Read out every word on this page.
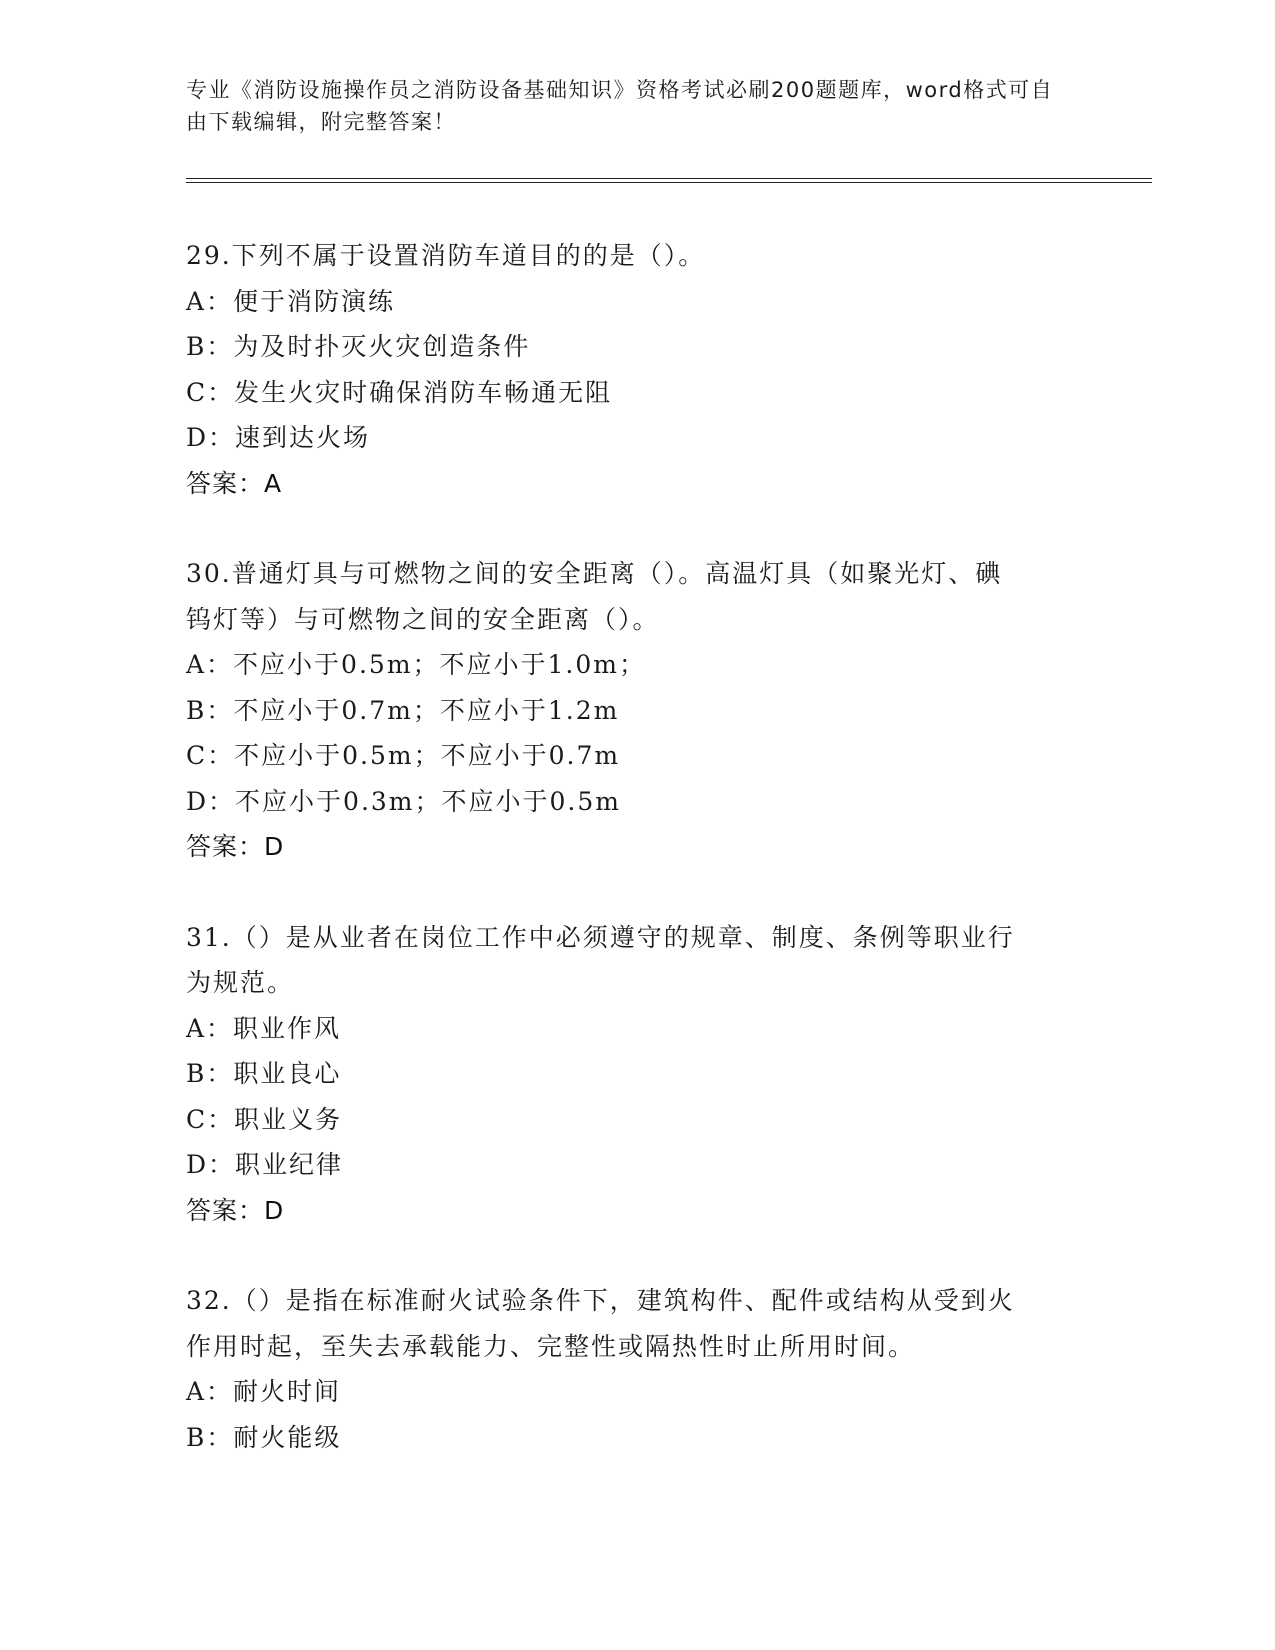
专业《消防设施操作员之消防设备基础知识》资格考试必刷200题题库，word格式可自由下载编辑，附完整答案！
29.下列不属于设置消防车道目的的是（）。
A：便于消防演练
B：为及时扑灭火灾创造条件
C：发生火灾时确保消防车畅通无阻
D：速到达火场
答案：A
30.普通灯具与可燃物之间的安全距离（）。高温灯具（如聚光灯、碘
钨灯等）与可燃物之间的安全距离（）。
A：不应小于0.5m；不应小于1.0m；
B：不应小于0.7m；不应小于1.2m
C：不应小于0.5m；不应小于0.7m
D：不应小于0.3m；不应小于0.5m
答案：D
31.（）是从业者在岗位工作中必须遵守的规章、制度、条例等职业行
为规范。
A：职业作风
B：职业良心
C：职业义务
D：职业纪律
答案：D
32.（）是指在标准耐火试验条件下，建筑构件、配件或结构从受到火
作用时起，至失去承载能力、完整性或隔热性时止所用时间。
A：耐火时间
B：耐火能级
